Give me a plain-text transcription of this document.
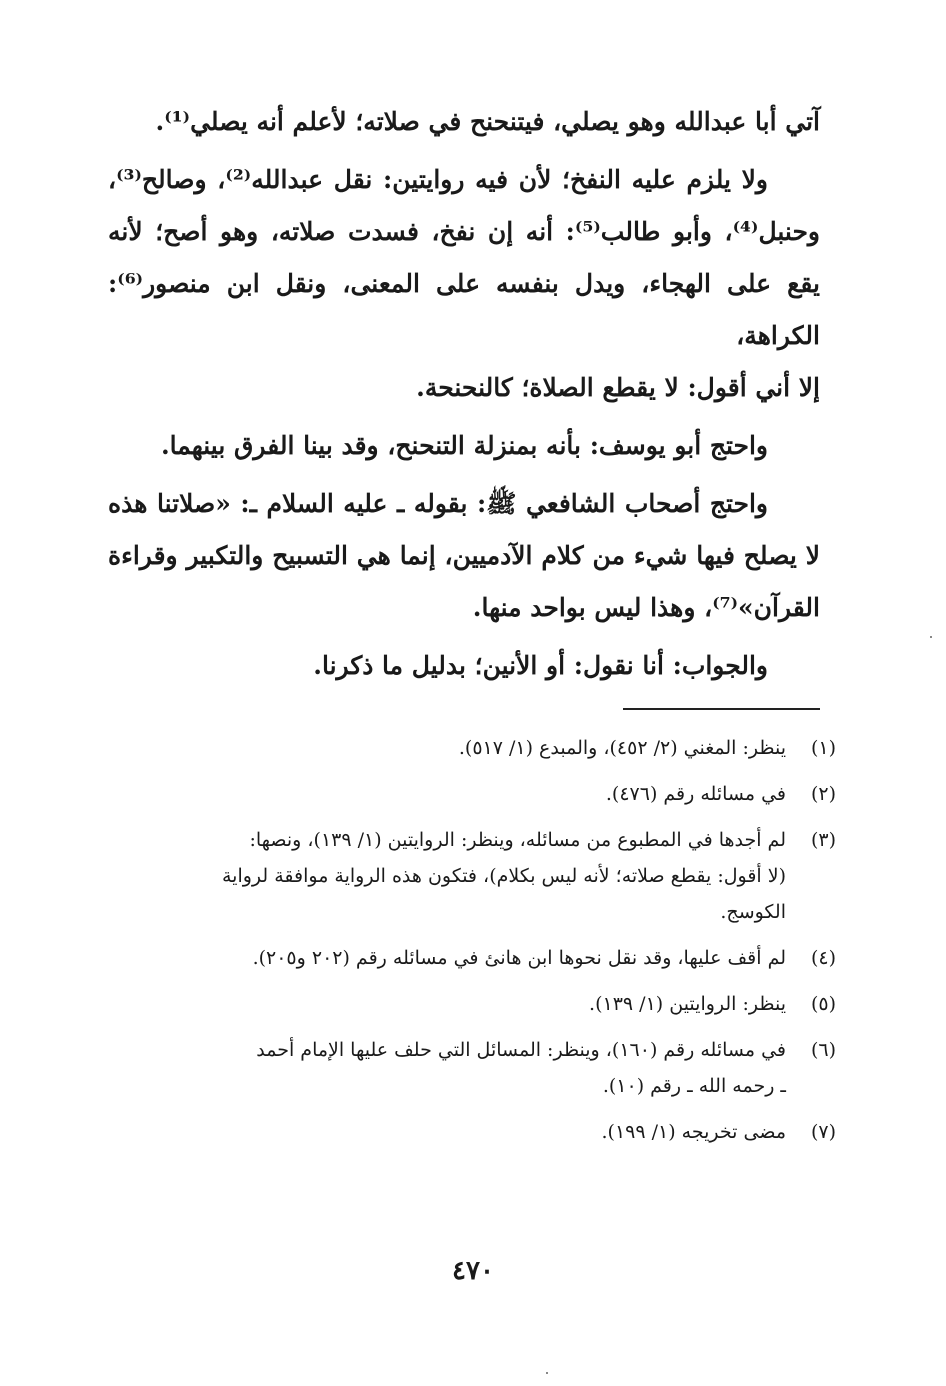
آتي أبا عبدالله وهو يصلي، فيتنحنح في صلاته؛ لأعلم أنه يصلي⁽¹⁾.

ولا يلزم عليه النفخ؛ لأن فيه روايتين: نقل عبدالله⁽²⁾، وصالح⁽³⁾،
وحنبل⁽⁴⁾، وأبو طالب⁽⁵⁾: أنه إن نفخ، فسدت صلاته، وهو أصح؛ لأنه
يقع على الهجاء، ويدل بنفسه على المعنى، ونقل ابن منصور⁽⁶⁾: الكراهة،
إلا أني أقول: لا يقطع الصلاة؛ كالنحنحة.

واحتج أبو يوسف: بأنه بمنزلة التنحنح، وقد بينا الفرق بينهما.

واحتج أصحاب الشافعي ﷺ: بقوله ـ عليه السلام ـ: «صلاتنا هذه
لا يصلح فيها شيء من كلام الآدميين، إنما هي التسبيح والتكبير وقراءة
القرآن»⁽⁷⁾، وهذا ليس بواحد منها.

والجواب: أنا نقول: أو الأنين؛ بدليل ما ذكرنا.

(١)
ينظر: المغني (٢/ ٤٥٢)، والمبدع (١/ ٥١٧).
(٢)
في مسائله رقم (٤٧٦).
(٣)
لم أجدها في المطبوع من مسائله، وينظر: الروايتين (١/ ١٣٩)، ونصها:
(لا أقول: يقطع صلاته؛ لأنه ليس بكلام)، فتكون هذه الرواية موافقة لرواية
الكوسج.
(٤)
لم أقف عليها، وقد نقل نحوها ابن هانئ في مسائله رقم (٢٠٢ و٢٠٥).
(٥)
ينظر: الروايتين (١/ ١٣٩).
(٦)
في مسائله رقم (١٦٠)، وينظر: المسائل التي حلف عليها الإمام أحمد
ـ رحمه الله ـ رقم (١٠).
(٧)
مضى تخريجه (١/ ١٩٩).
٤٧٠
